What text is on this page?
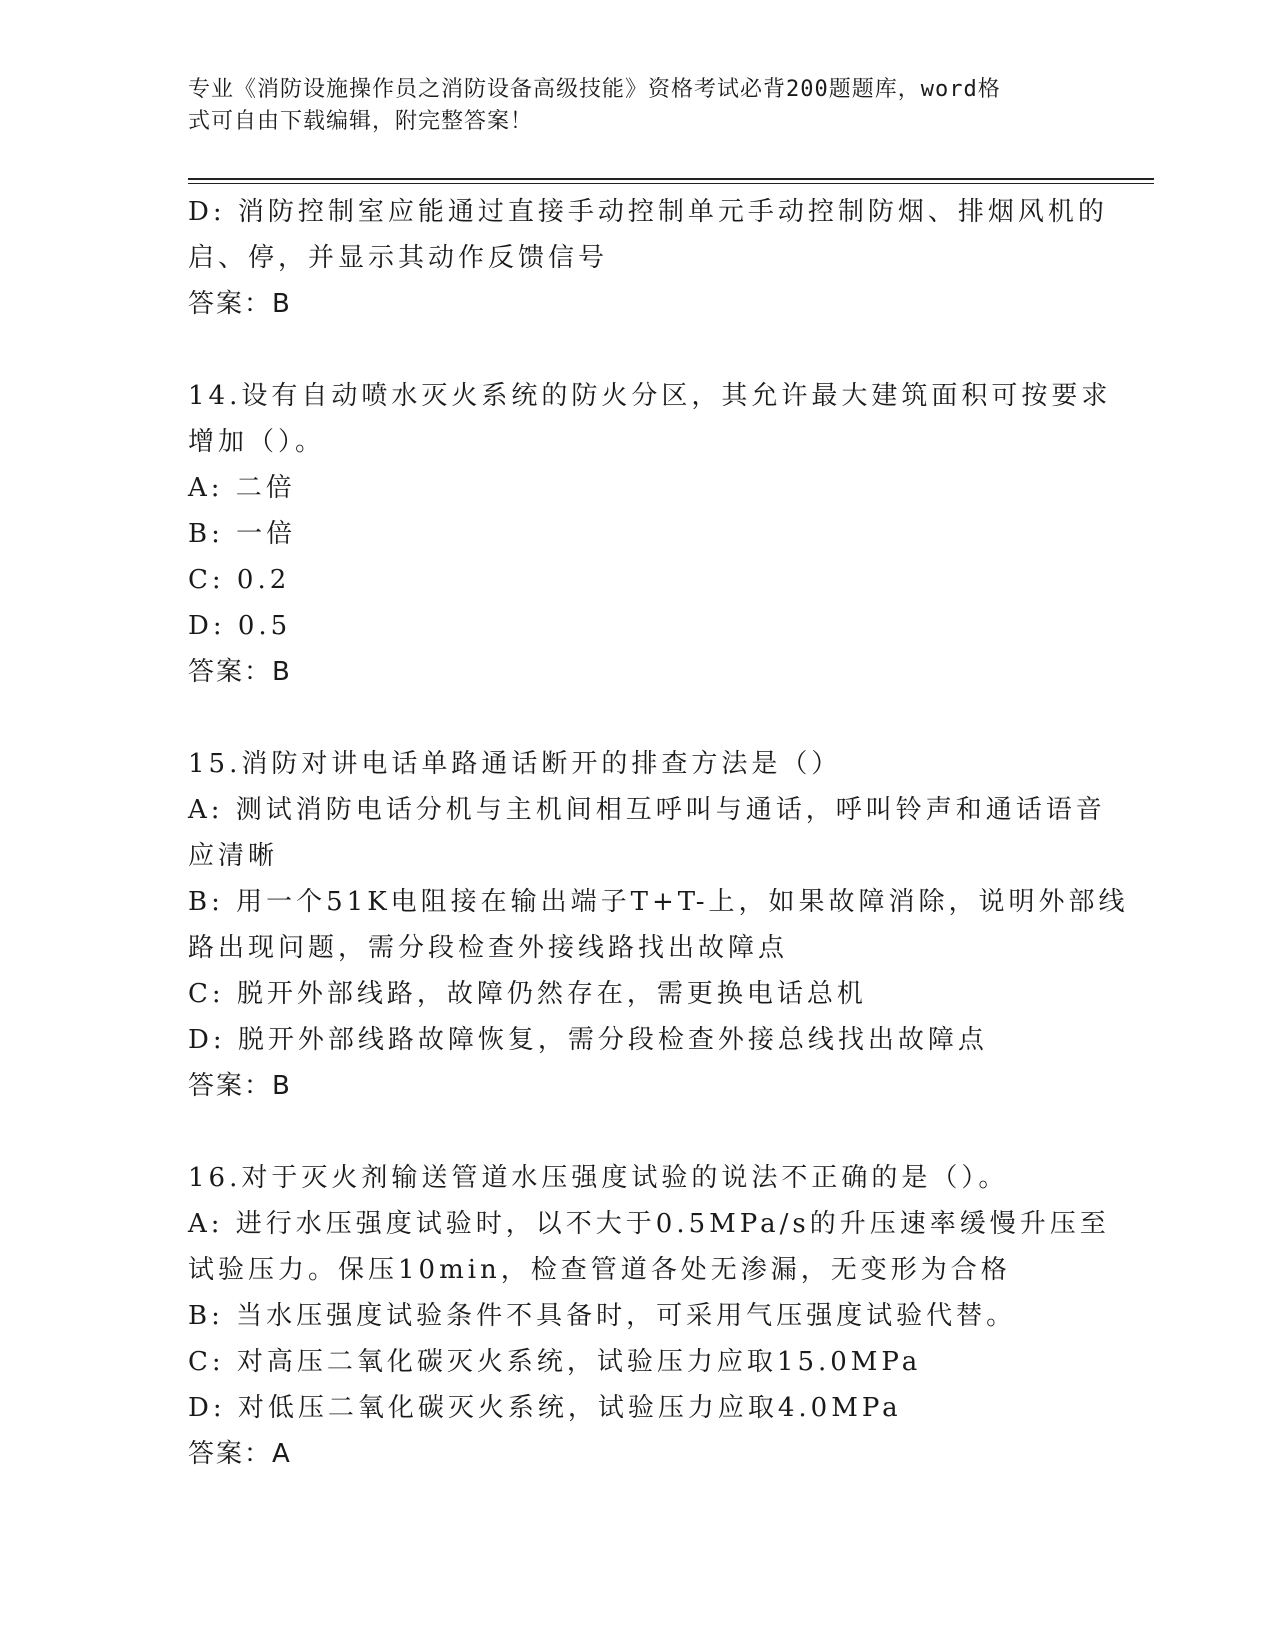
专业《消防设施操作员之消防设备高级技能》资格考试必背200题题库，word格
式可自由下载编辑，附完整答案！
D: 消防控制室应能通过直接手动控制单元手动控制防烟、排烟风机的
启、停，并显示其动作反馈信号
答案：B
14.设有自动喷水灭火系统的防火分区，其允许最大建筑面积可按要求
增加（）。
A: 二倍
B: 一倍
C: 0.2
D: 0.5
答案：B
15.消防对讲电话单路通话断开的排查方法是（）
A: 测试消防电话分机与主机间相互呼叫与通话，呼叫铃声和通话语音
应清晰
B: 用一个51K电阻接在输出端子T+T-上，如果故障消除，说明外部线
路出现问题，需分段检查外接线路找出故障点
C: 脱开外部线路，故障仍然存在，需更换电话总机
D: 脱开外部线路故障恢复，需分段检查外接总线找出故障点
答案：B
16.对于灭火剂输送管道水压强度试验的说法不正确的是（）。
A: 进行水压强度试验时，以不大于0.5MPa/s的升压速率缓慢升压至
试验压力。保压10min，检查管道各处无渗漏，无变形为合格
B: 当水压强度试验条件不具备时，可采用气压强度试验代替。
C: 对高压二氧化碳灭火系统，试验压力应取15.0MPa
D: 对低压二氧化碳灭火系统，试验压力应取4.0MPa
答案：A
